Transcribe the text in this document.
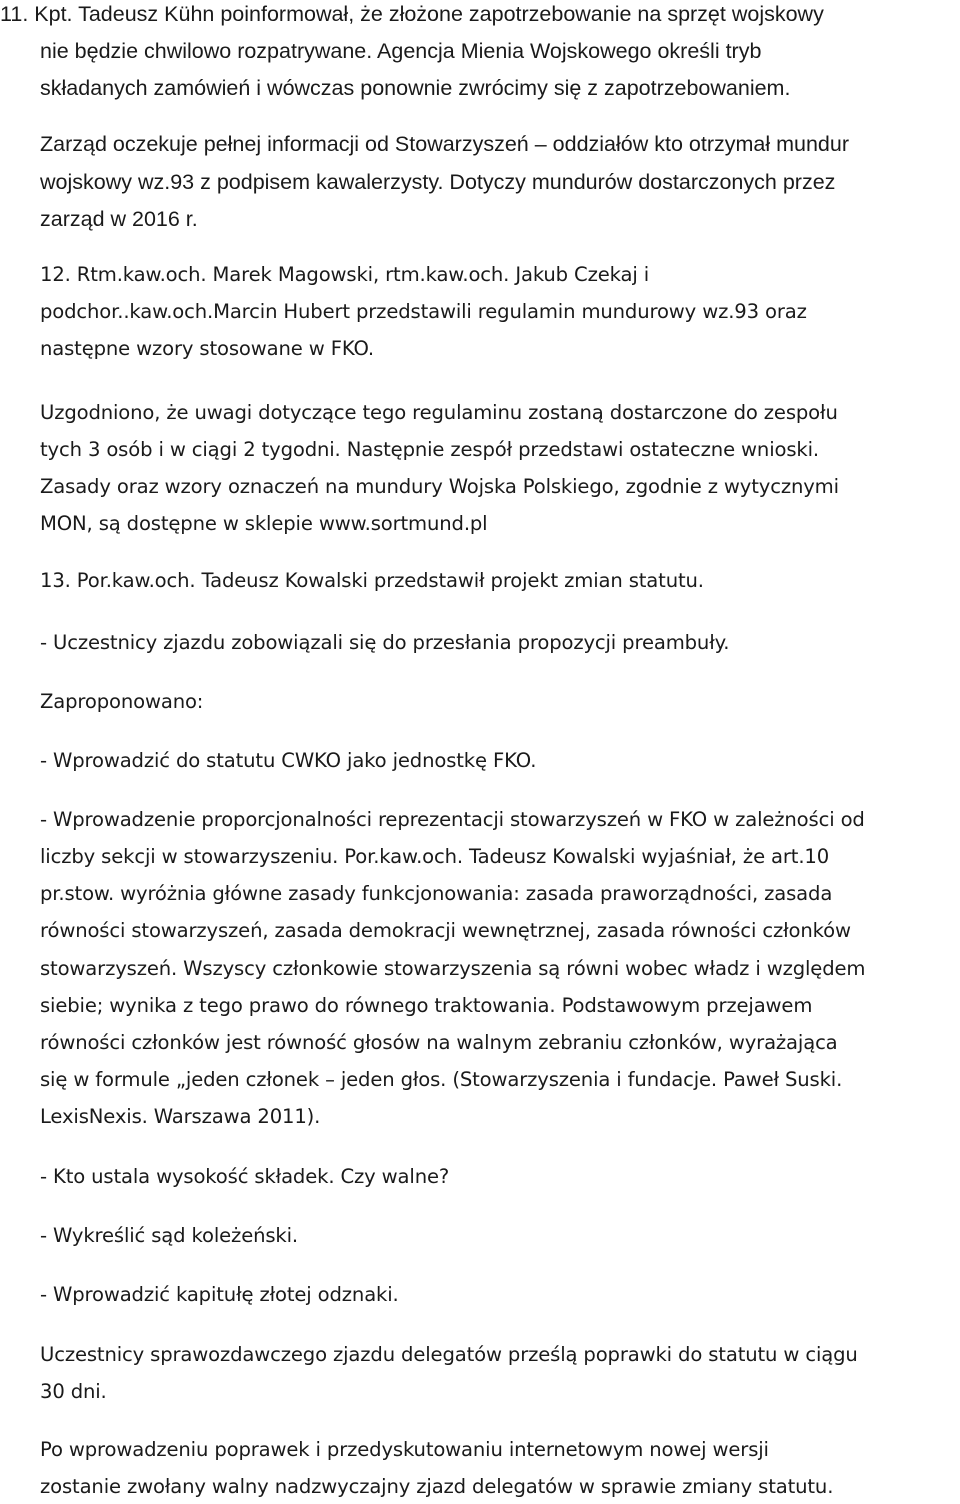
11. Kpt. Tadeusz Kühn poinformował, że złożone zapotrzebowanie na sprzęt wojskowy

nie będzie chwilowo rozpatrywane. Agencja Mienia Wojskowego określi tryb

składanych zamówień i wówczas ponownie zwrócimy się z zapotrzebowaniem.

Zarząd oczekuje pełnej informacji od Stowarzyszeń – oddziałów kto otrzymał mundur

wojskowy wz.93 z podpisem kawalerzysty. Dotyczy mundurów dostarczonych przez

zarząd w 2016 r.

12. Rtm.kaw.och. Marek Magowski, rtm.kaw.och. Jakub Czekaj i

podchor..kaw.och.Marcin Hubert przedstawili regulamin mundurowy wz.93 oraz

następne wzory stosowane w FKO.

Uzgodniono, że uwagi dotyczące tego regulaminu zostaną dostarczone do zespołu

tych 3 osób i w ciągi 2 tygodni. Następnie zespół przedstawi ostateczne wnioski.

Zasady oraz wzory oznaczeń na mundury Wojska Polskiego, zgodnie z wytycznymi

MON, są dostępne w sklepie www.sortmund.pl

13. Por.kaw.och. Tadeusz Kowalski przedstawił projekt zmian statutu.

- Uczestnicy zjazdu zobowiązali się do przesłania propozycji preambuły.

Zaproponowano:

- Wprowadzić do statutu CWKO jako jednostkę FKO.

- Wprowadzenie proporcjonalności reprezentacji stowarzyszeń w FKO w zależności od

liczby sekcji w stowarzyszeniu. Por.kaw.och. Tadeusz Kowalski wyjaśniał, że art.10

pr.stow. wyróżnia główne zasady funkcjonowania: zasada praworządności, zasada

równości stowarzyszeń, zasada demokracji wewnętrznej, zasada równości członków

stowarzyszeń. Wszyscy członkowie stowarzyszenia są równi wobec władz i względem

siebie; wynika z tego prawo do równego traktowania. Podstawowym przejawem

równości członków jest równość głosów na walnym zebraniu członków, wyrażająca

się w formule „jeden członek – jeden głos. (Stowarzyszenia i fundacje. Paweł Suski.

LexisNexis. Warszawa 2011).

- Kto ustala wysokość składek. Czy walne?

- Wykreślić sąd koleżeński.

- Wprowadzić kapitułę złotej odznaki.

Uczestnicy sprawozdawczego zjazdu delegatów prześlą poprawki do statutu w ciągu

30 dni.

Po wprowadzeniu poprawek i przedyskutowaniu internetowym nowej wersji

zostanie zwołany walny nadzwyczajny zjazd delegatów w sprawie zmiany statutu.
